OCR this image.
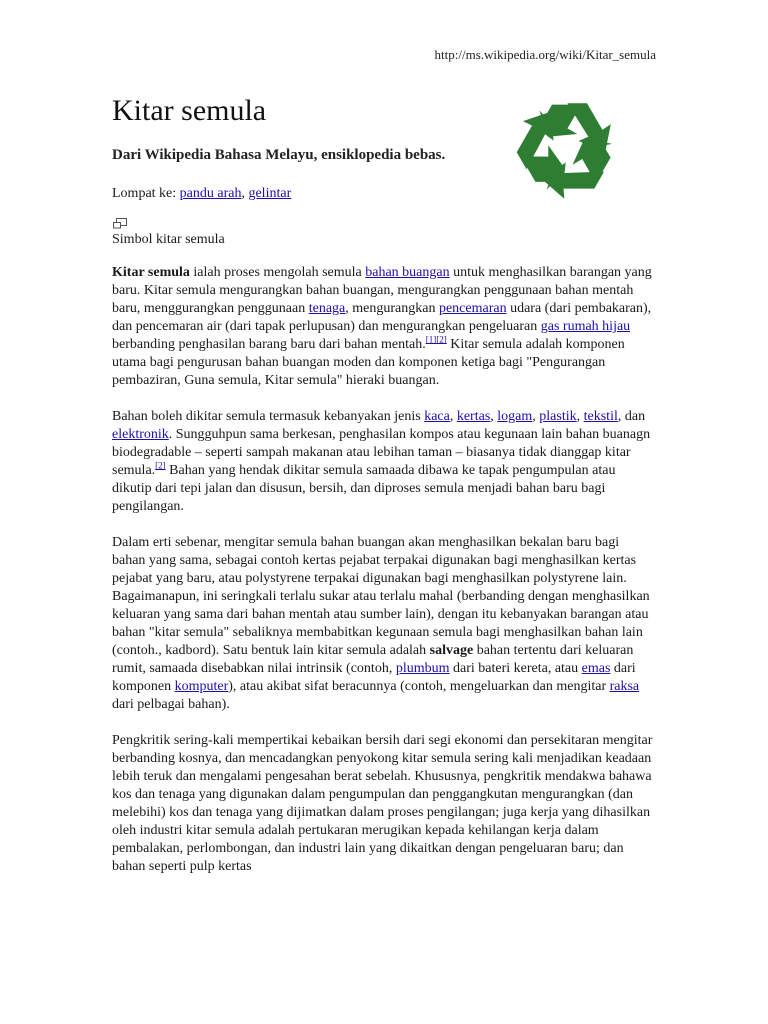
http://ms.wikipedia.org/wiki/Kitar_semula
Kitar semula
Dari Wikipedia Bahasa Melayu, ensiklopedia bebas.
Lompat ke: pandu arah, gelintar
Simbol kitar semula

Kitar semula ialah proses mengolah semula bahan buangan untuk menghasilkan barangan yang baru. Kitar semula mengurangkan bahan buangan, mengurangkan penggunaan bahan mentah baru, menggurangkan penggunaan tenaga, mengurangkan pencemaran udara (dari pembakaran), dan pencemaran air (dari tapak perlupusan) dan mengurangkan pengeluaran gas rumah hijau berbanding penghasilan barang baru dari bahan mentah.[1][2] Kitar semula adalah komponen utama bagi pengurusan bahan buangan moden dan komponen ketiga bagi "Pengurangan pembaziran, Guna semula, Kitar semula" hieraki buangan.

Bahan boleh dikitar semula termasuk kebanyakan jenis kaca, kertas, logam, plastik, tekstil, dan elektronik. Sungguhpun sama berkesan, penghasilan kompos atau kegunaan lain bahan buanagn biodegradable – seperti sampah makanan atau lebihan taman – biasanya tidak dianggap kitar semula.[2] Bahan yang hendak dikitar semula samaada dibawa ke tapak pengumpulan atau dikutip dari tepi jalan dan disusun, bersih, dan diproses semula menjadi bahan baru bagi pengilangan.

Dalam erti sebenar, mengitar semula bahan buangan akan menghasilkan bekalan baru bagi bahan yang sama, sebagai contoh kertas pejabat terpakai digunakan bagi menghasilkan kertas pejabat yang baru, atau polystyrene terpakai digunakan bagi menghasilkan polystyrene lain. Bagaimanapun, ini seringkali terlalu sukar atau terlalu mahal (berbanding dengan menghasilkan keluaran yang sama dari bahan mentah atau sumber lain), dengan itu kebanyakan barangan atau bahan "kitar semula" sebaliknya membabitkan kegunaan semula bagi menghasilkan bahan lain (contoh., kadbord). Satu bentuk lain kitar semula adalah salvage bahan tertentu dari keluaran rumit, samaada disebabkan nilai intrinsik (contoh, plumbum dari bateri kereta, atau emas dari komponen komputer), atau akibat sifat beracunnya (contoh, mengeluarkan dan mengitar raksa dari pelbagai bahan).

Pengkritik sering-kali mempertikai kebaikan bersih dari segi ekonomi dan persekitaran mengitar berbanding kosnya, dan mencadangkan penyokong kitar semula sering kali menjadikan keadaan lebih teruk dan mengalami pengesahan berat sebelah. Khususnya, pengkritik mendakwa bahawa kos dan tenaga yang digunakan dalam pengumpulan dan penggangkutan mengurangkan (dan melebihi) kos dan tenaga yang dijimatkan dalam proses pengilangan; juga kerja yang dihasilkan oleh industri kitar semula adalah pertukaran merugikan kepada kehilangan kerja dalam pembalakan, perlombongan, dan industri lain yang dikaitkan dengan pengeluaran baru; dan bahan seperti pulp kertas
